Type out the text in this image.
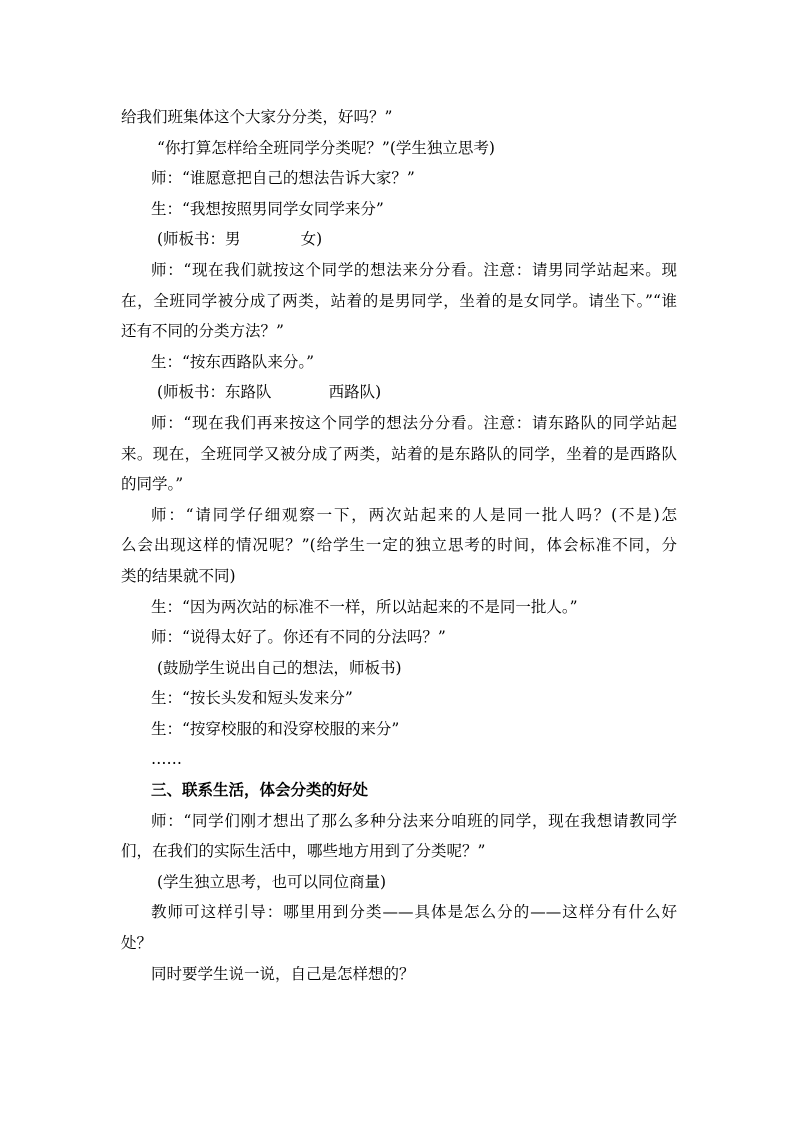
给我们班集体这个大家分分类，好吗？”
“你打算怎样给全班同学分类呢？”(学生独立思考)
师：“谁愿意把自己的想法告诉大家？”
生：“我想按照男同学女同学来分”
(师板书：男	女)
师：“现在我们就按这个同学的想法来分分看。注意：请男同学站起来。现
在，全班同学被分成了两类，站着的是男同学，坐着的是女同学。请坐下。”“谁
还有不同的分类方法？”
生：“按东西路队来分。”
(师板书：东路队	西路队)
师：“现在我们再来按这个同学的想法分分看。注意：请东路队的同学站起
来。现在，全班同学又被分成了两类，站着的是东路队的同学，坐着的是西路队
的同学。”
师：“请同学仔细观察一下，两次站起来的人是同一批人吗？(不是)怎
么会出现这样的情况呢？”(给学生一定的独立思考的时间，体会标准不同，分
类的结果就不同)
生：“因为两次站的标准不一样，所以站起来的不是同一批人。”
师：“说得太好了。你还有不同的分法吗？”
(鼓励学生说出自己的想法，师板书)
生：“按长头发和短头发来分”
生：“按穿校服的和没穿校服的来分”
……
三、联系生活，体会分类的好处
师：“同学们刚才想出了那么多种分法来分咱班的同学，现在我想请教同学
们，在我们的实际生活中，哪些地方用到了分类呢？”
(学生独立思考，也可以同位商量)
教师可这样引导：哪里用到分类——具体是怎么分的——这样分有什么好
处？
同时要学生说一说，自己是怎样想的？
